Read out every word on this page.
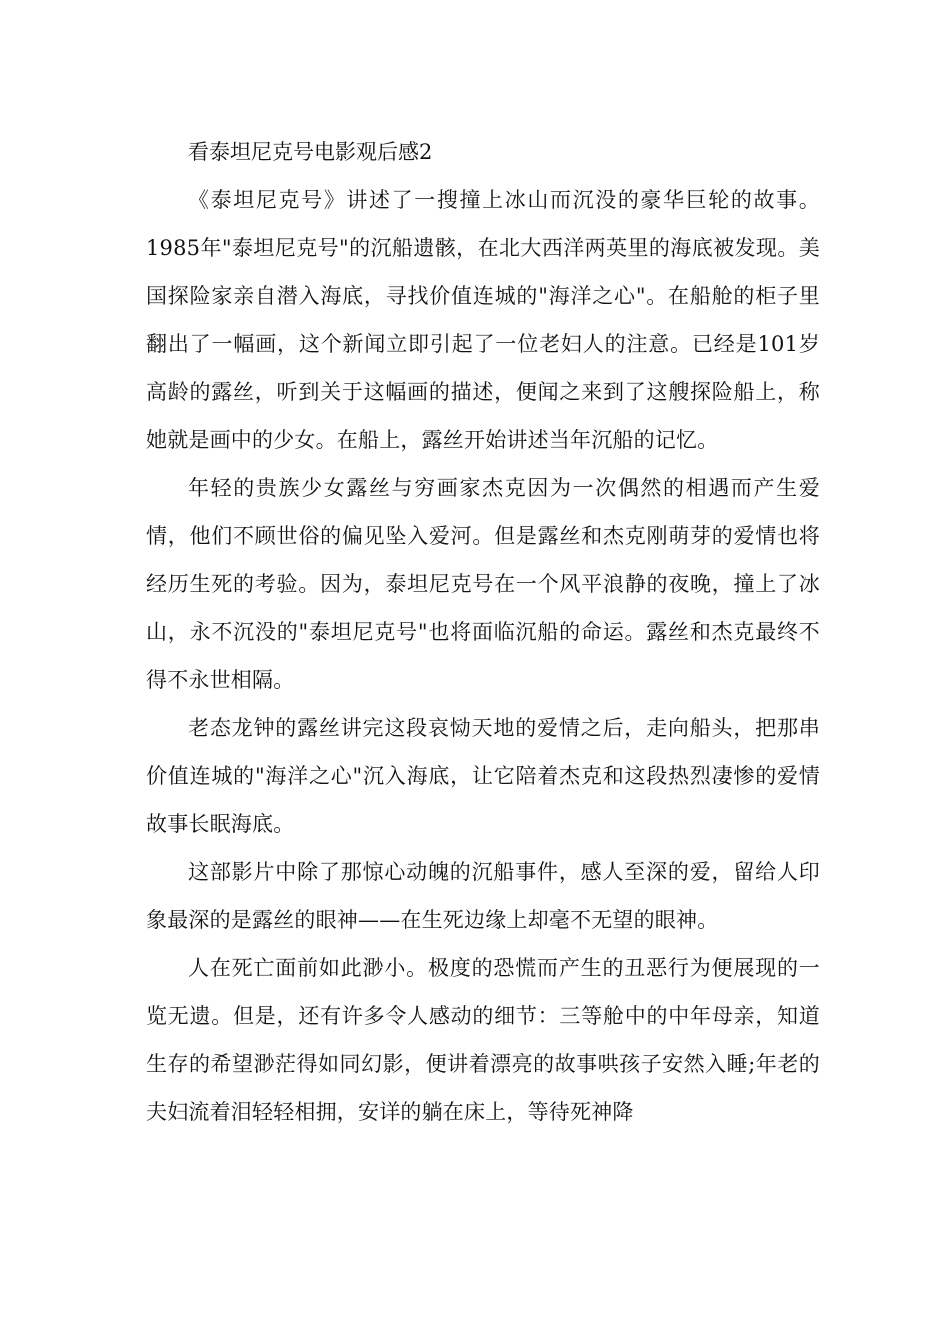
看泰坦尼克号电影观后感2

《泰坦尼克号》讲述了一搜撞上冰山而沉没的豪华巨轮的故事。1985年"泰坦尼克号"的沉船遗骸，在北大西洋两英里的海底被发现。美国探险家亲自潜入海底，寻找价值连城的"海洋之心"。在船舱的柜子里翻出了一幅画，这个新闻立即引起了一位老妇人的注意。已经是101岁高龄的露丝，听到关于这幅画的描述，便闻之来到了这艘探险船上，称她就是画中的少女。在船上，露丝开始讲述当年沉船的记忆。

年轻的贵族少女露丝与穷画家杰克因为一次偶然的相遇而产生爱情，他们不顾世俗的偏见坠入爱河。但是露丝和杰克刚萌芽的爱情也将经历生死的考验。因为，泰坦尼克号在一个风平浪静的夜晚，撞上了冰山，永不沉没的"泰坦尼克号"也将面临沉船的命运。露丝和杰克最终不得不永世相隔。

老态龙钟的露丝讲完这段哀恸天地的爱情之后，走向船头，把那串价值连城的"海洋之心"沉入海底，让它陪着杰克和这段热烈凄惨的爱情故事长眠海底。

这部影片中除了那惊心动魄的沉船事件，感人至深的爱，留给人印象最深的是露丝的眼神——在生死边缘上却毫不无望的眼神。

人在死亡面前如此渺小。极度的恐慌而产生的丑恶行为便展现的一览无遗。但是，还有许多令人感动的细节：三等舱中的中年母亲，知道生存的希望渺茫得如同幻影，便讲着漂亮的故事哄孩子安然入睡;年老的夫妇流着泪轻轻相拥，安详的躺在床上，等待死神降
